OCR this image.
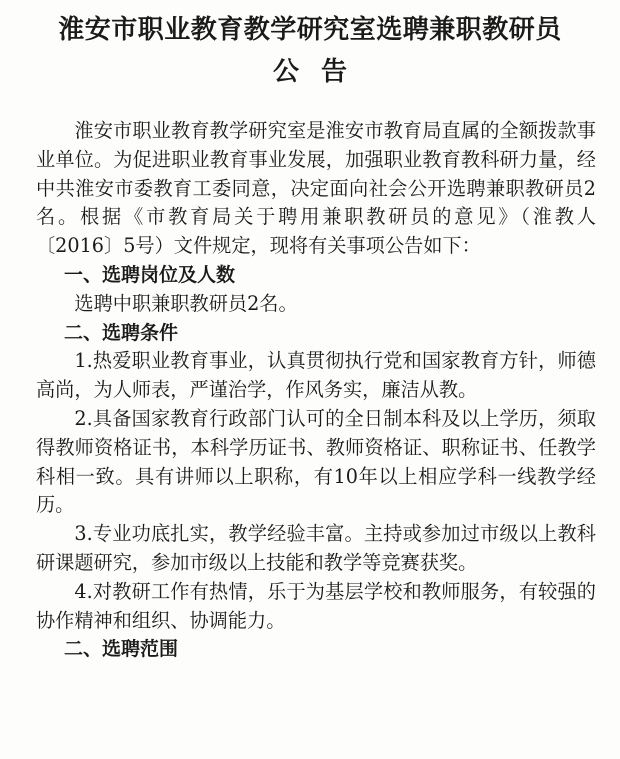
淮安市职业教育教学研究室选聘兼职教研员
公告

淮安市职业教育教学研究室是淮安市教育局直属的全额拨款事业单位。为促进职业教育事业发展，加强职业教育教科研力量，经中共淮安市委教育工委同意，决定面向社会公开选聘兼职教研员2名。根据《市教育局关于聘用兼职教研员的意见》（淮教人〔2016〕5号）文件规定，现将有关事项公告如下：

一、选聘岗位及人数

选聘中职兼职教研员2名。

二、选聘条件

1.热爱职业教育事业，认真贯彻执行党和国家教育方针，师德高尚，为人师表，严谨治学，作风务实，廉洁从教。

2.具备国家教育行政部门认可的全日制本科及以上学历，须取得教师资格证书，本科学历证书、教师资格证、职称证书、任教学科相一致。具有讲师以上职称，有10年以上相应学科一线教学经历。

3.专业功底扎实，教学经验丰富。主持或参加过市级以上教科研课题研究，参加市级以上技能和教学等竞赛获奖。

4.对教研工作有热情，乐于为基层学校和教师服务，有较强的协作精神和组织、协调能力。

二、选聘范围
